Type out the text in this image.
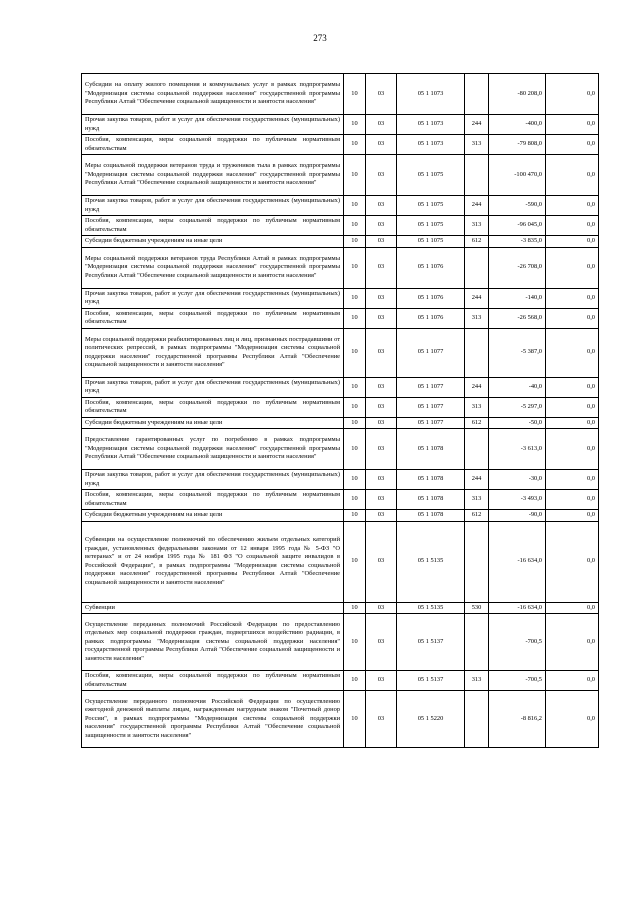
273
Субсидии на оплату жилого помещения и коммунальных услуг в рамках подпрограммы "Модернизация системы социальной поддержки населения" государственной программы Республики Алтай "Обеспечение социальной защищенности и занятости населения"	10	03	05 1 1073		-80 208,0	0,0
Прочая закупка товаров, работ и услуг для обеспечения государственных (муниципальных) нужд	10	03	05 1 1073	244	-400,0	0,0
Пособия, компенсации, меры социальной поддержки по публичным нормативным обязательствам	10	03	05 1 1073	313	-79 808,0	0,0
Меры социальной поддержки ветеранов труда и тружеников тыла в рамках подпрограммы "Модернизация системы социальной поддержки населения" государственной программы Республики Алтай "Обеспечение социальной защищенности и занятости населения"	10	03	05 1 1075		-100 470,0	0,0
Прочая закупка товаров, работ и услуг для обеспечения государственных (муниципальных) нужд	10	03	05 1 1075	244	-590,0	0,0
Пособия, компенсации, меры социальной поддержки по публичным нормативным обязательствам	10	03	05 1 1075	313	-96 045,0	0,0
Субсидии бюджетным учреждениям на иные цели	10	03	05 1 1075	612	-3 835,0	0,0
Меры социальной поддержки ветеранов труда Республики Алтай в рамках подпрограммы "Модернизация системы социальной поддержки населения" государственной программы Республики Алтай "Обеспечение социальной защищенности и занятости населения"	10	03	05 1 1076		-26 708,0	0,0
Прочая закупка товаров, работ и услуг для обеспечения государственных (муниципальных) нужд	10	03	05 1 1076	244	-140,0	0,0
Пособия, компенсации, меры социальной поддержки по публичным нормативным обязательствам	10	03	05 1 1076	313	-26 568,0	0,0
Меры социальной поддержки реабилитированных лиц и лиц, признанных пострадавшими от политических репрессий, в рамках подпрограммы "Модернизация системы социальной поддержки населения" государственной программы Республики Алтай "Обеспечение социальной защищенности и занятости населения"	10	03	05 1 1077		-5 387,0	0,0
Прочая закупка товаров, работ и услуг для обеспечения государственных (муниципальных) нужд	10	03	05 1 1077	244	-40,0	0,0
Пособия, компенсации, меры социальной поддержки по публичным нормативным обязательствам	10	03	05 1 1077	313	-5 297,0	0,0
Субсидии бюджетным учреждениям на иные цели	10	03	05 1 1077	612	-50,0	0,0
Предоставление гарантированных услуг по погребению в рамках подпрограммы "Модернизация системы социальной поддержки населения" государственной программы Республики Алтай "Обеспечение социальной защищенности и занятости населения"	10	03	05 1 1078		-3 613,0	0,0
Прочая закупка товаров, работ и услуг для обеспечения государственных (муниципальных) нужд	10	03	05 1 1078	244	-30,0	0,0
Пособия, компенсации, меры социальной поддержки по публичным нормативным обязательствам	10	03	05 1 1078	313	-3 493,0	0,0
Субсидии бюджетным учреждениям на иные цели	10	03	05 1 1078	612	-90,0	0,0
Субвенции на осуществление полномочий по обеспечению жильем отдельных категорий граждан, установленных федеральными законами от 12 января 1995 года № 5-ФЗ "О ветеранах" и от 24 ноября 1995 года № 181 ФЗ "О социальной защите инвалидов в Российской Федерации", в рамках подпрограммы "Модернизация системы социальной поддержки населения" государственной программы Республики Алтай "Обеспечение социальной защищенности и занятости населения"	10	03	05 1 5135		-16 634,0	0,0
Субвенции	10	03	05 1 5135	530	-16 634,0	0,0
Осуществление переданных полномочий Российской Федерации по предоставлению отдельных мер социальной поддержки граждан, подвергшихся воздействию радиации, в рамках подпрограммы "Модернизация системы социальной поддержки населения" государственной программы Республики Алтай "Обеспечение социальной защищенности и занятости населения"	10	03	05 1 5137		-700,5	0,0
Пособия, компенсации, меры социальной поддержки по публичным нормативным обязательствам	10	03	05 1 5137	313	-700,5	0,0
Осуществление переданного полномочия Российской Федерации по осуществлению ежегодной денежной выплаты лицам, награжденным нагрудным знаком "Почетный донор России", в рамках подпрограммы "Модернизация системы социальной поддержки населения" государственной программы Республики Алтай "Обеспечение социальной защищенности и занятости населения"	10	03	05 1 5220		-8 816,2	0,0
